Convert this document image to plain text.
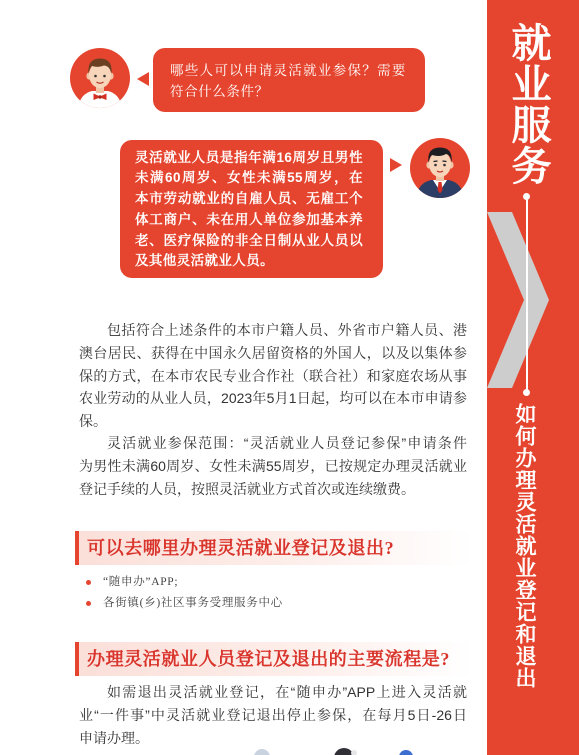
就业服务
如何办理灵活就业登记和退出
哪些人可以申请灵活就业参保？需要
符合什么条件？
灵活就业人员是指年满16周岁且男性
未满60周岁、女性未满55周岁，在
本市劳动就业的自雇人员、无雇工个
体工商户、未在用人单位参加基本养
老、医疗保险的非全日制从业人员以
及其他灵活就业人员。
包括符合上述条件的本市户籍人员、外省市户籍人员、港
澳台居民、获得在中国永久居留资格的外国人，以及以集体参
保的方式，在本市农民专业合作社（联合社）和家庭农场从事
农业劳动的从业人员，2023年5月1日起，均可以在本市申请参
保。
灵活就业参保范围：“灵活就业人员登记参保”申请条件
为男性未满60周岁、女性未满55周岁，已按规定办理灵活就业
登记手续的人员，按照灵活就业方式首次或连续缴费。
可以去哪里办理灵活就业登记及退出?
“随申办”APP;
各街镇(乡)社区事务受理服务中心
办理灵活就业人员登记及退出的主要流程是?
如需退出灵活就业登记，在“随申办”APP上进入灵活就
业“一件事”中灵活就业登记退出停止参保，在每月5日-26日
申请办理。
